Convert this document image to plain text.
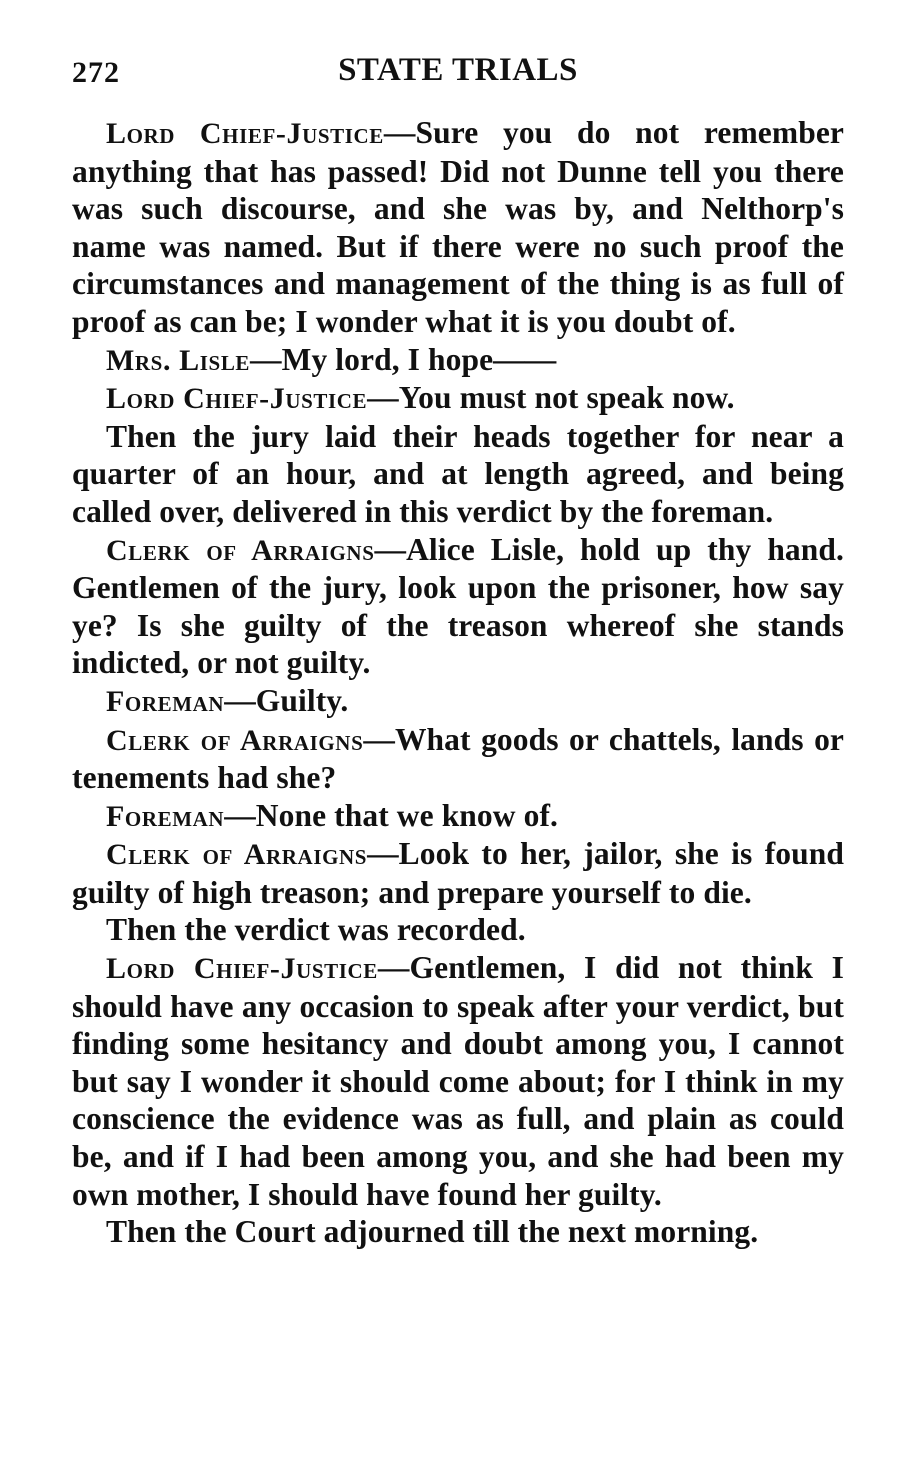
272	STATE TRIALS

Lord Chief-Justice—Sure you do not remember anything that has passed! Did not Dunne tell you there was such discourse, and she was by, and Nelthorp's name was named. But if there were no such proof the circumstances and management of the thing is as full of proof as can be; I wonder what it is you doubt of.

Mrs. Lisle—My lord, I hope——

Lord Chief-Justice—You must not speak now.

Then the jury laid their heads together for near a quarter of an hour, and at length agreed, and being called over, delivered in this verdict by the foreman.

Clerk of Arraigns—Alice Lisle, hold up thy hand. Gentlemen of the jury, look upon the prisoner, how say ye? Is she guilty of the treason whereof she stands indicted, or not guilty.

Foreman—Guilty.

Clerk of Arraigns—What goods or chattels, lands or tenements had she?

Foreman—None that we know of.

Clerk of Arraigns—Look to her, jailor, she is found guilty of high treason; and prepare yourself to die.

Then the verdict was recorded.

Lord Chief-Justice—Gentlemen, I did not think I should have any occasion to speak after your verdict, but finding some hesitancy and doubt among you, I cannot but say I wonder it should come about; for I think in my conscience the evidence was as full, and plain as could be, and if I had been among you, and she had been my own mother, I should have found her guilty.

Then the Court adjourned till the next morning.
